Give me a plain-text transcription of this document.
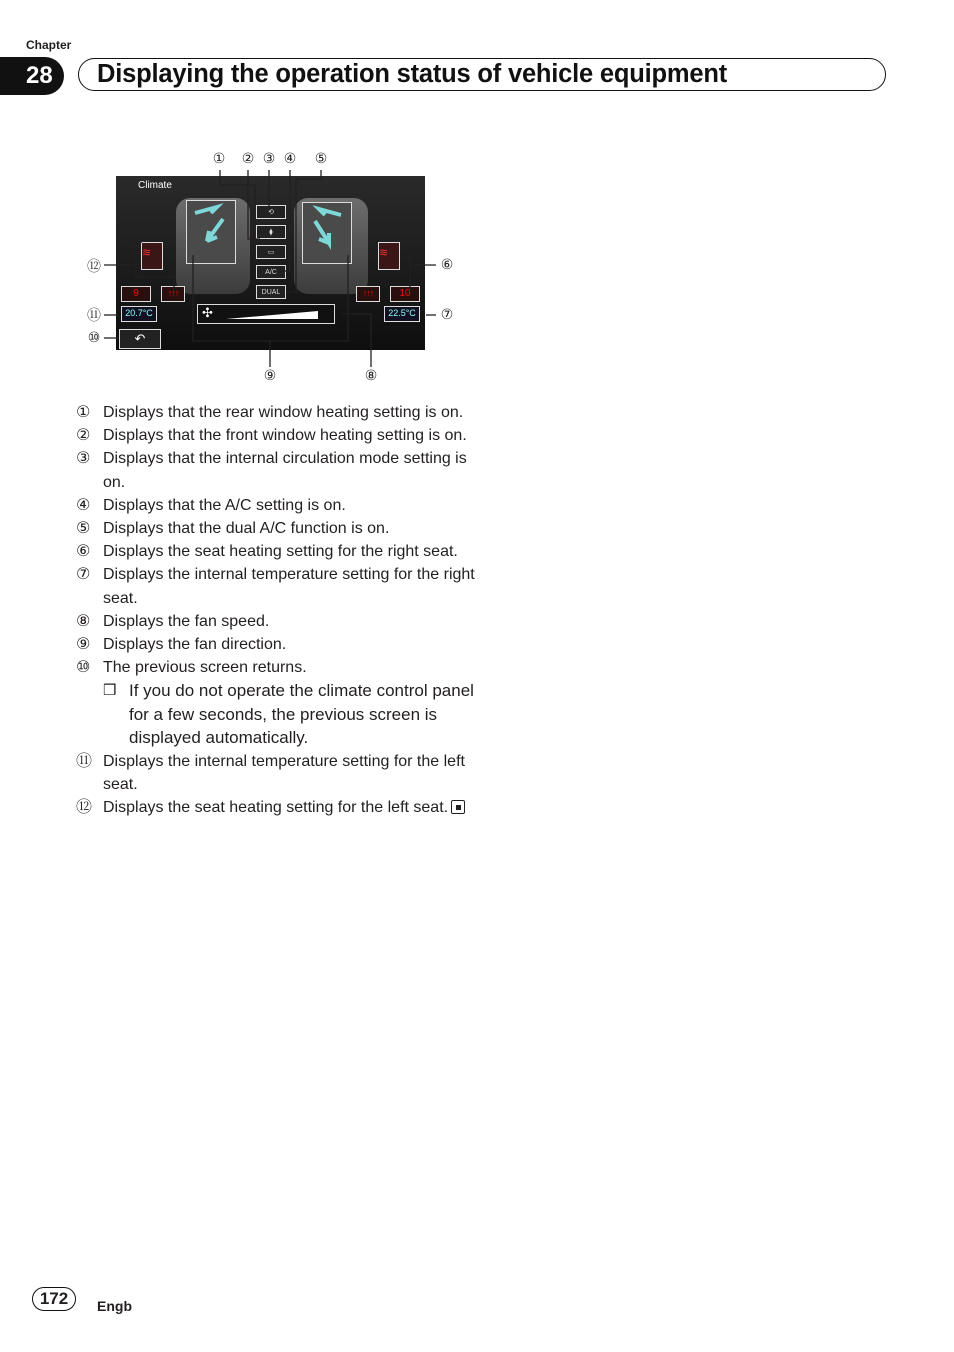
Chapter
28	Displaying the operation status of vehicle equipment
① ② ③ ④ ⑤
⑥
⑦
⑧
⑨
⑩
⑪
⑫
Climate
⟲
⧫
▭
A/C
DUAL
≋	≋
9	↑↑↑	↑↑↑	10
20.7°C	22.5°C
✣
↶
① Displays that the rear window heating setting is on.
② Displays that the front window heating setting is on.
③ Displays that the internal circulation mode setting is on.
④ Displays that the A/C setting is on.
⑤ Displays that the dual A/C function is on.
⑥ Displays the seat heating setting for the right seat.
⑦ Displays the internal temperature setting for the right seat.
⑧ Displays the fan speed.
⑨ Displays the fan direction.
⑩ The previous screen returns.
❒ If you do not operate the climate control panel for a few seconds, the previous screen is displayed automatically.
⑪ Displays the internal temperature setting for the left seat.
⑫ Displays the seat heating setting for the left seat.
172	Engb
